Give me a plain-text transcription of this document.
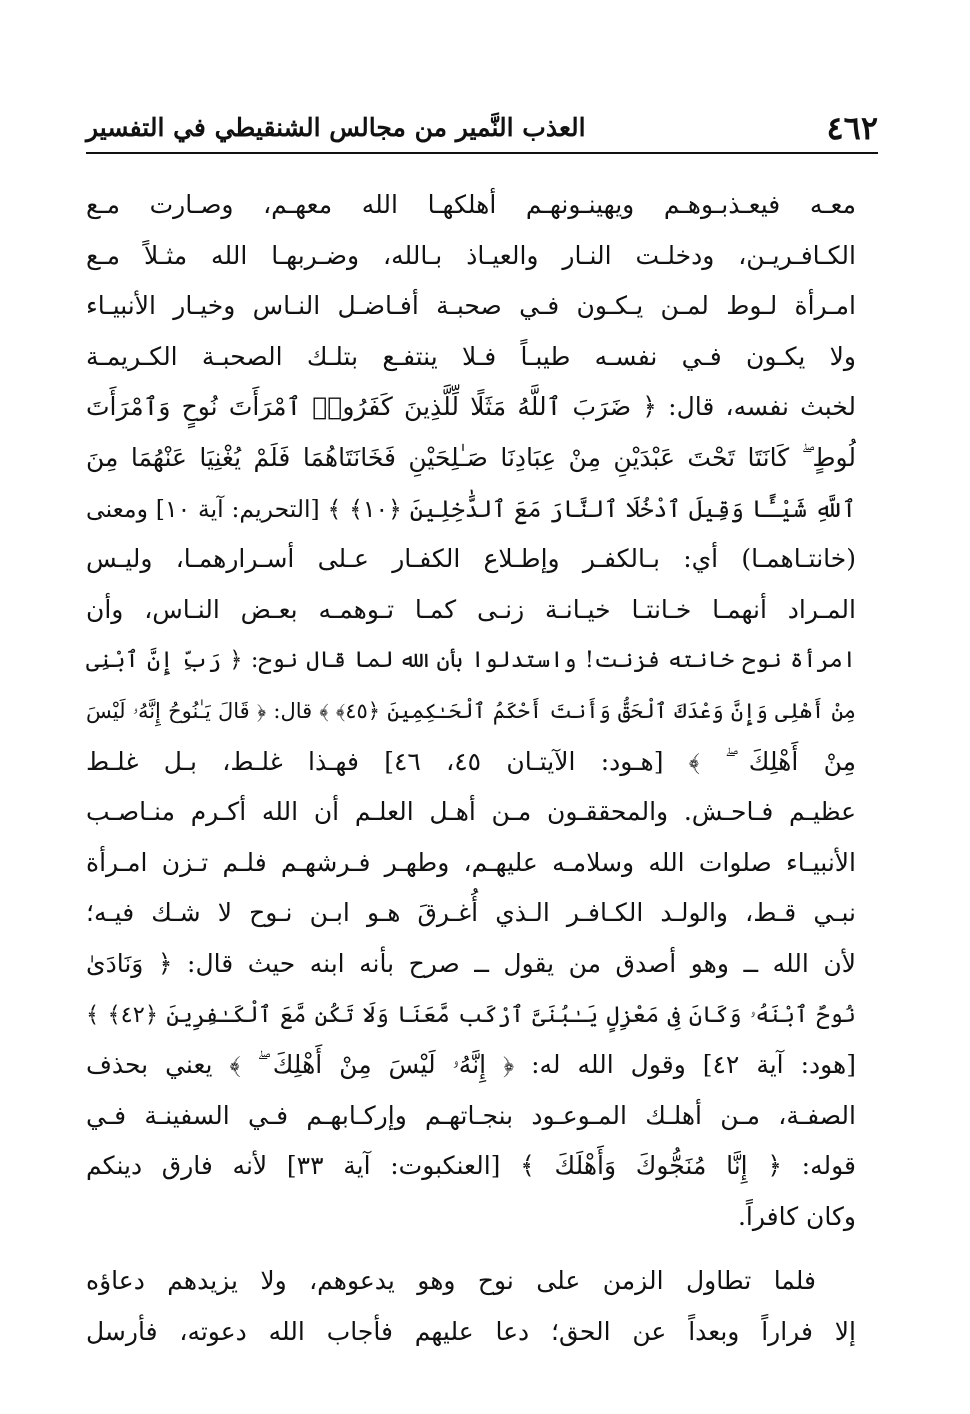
٤٦٢
العذب النَّمير من مجالس الشنقيطي في التفسير
معـه فيعـذبـوهـم ويهينـونهـم أهلكهـا الله معهـم، وصـارت مـع
الكـافـريـن، ودخلـت النـار والعيـاذ بـالله، وضـربهـا الله مثـلاً مـع
امـرأة لـوط لمـن يـكـون فـي صحبـة أفـاضـل النـاس وخيـار الأنبيـاء
ولا يكـون فـي نفسـه طيبـاً فـلا ينتفـع بتلـك الصحبـة الكـريمـة
لخبث نفسه، قال: ﴿ ضَرَبَ ٱللَّهُ مَثَلًا لِّلَّذِينَ كَفَرُوا۟ ٱمْرَأَتَ نُوحٍ وَٱمْرَأَتَ
لُوطٍ ۖ كَانَتَا تَحْتَ عَبْدَيْنِ مِنْ عِبَادِنَا صَـٰلِحَيْنِ فَخَانَتَاهُمَا فَلَمْ يُغْنِيَا عَنْهُمَا مِنَ
ٱللَّهِ شَيْـًٔا وَقِيلَ ٱدْخُلَا ٱلنَّارَ مَعَ ٱلدَّٰخِلِينَ ﴿١٠﴾ ﴾ [التحريم: آية ١٠] ومعنى
(خانتـاهمـا) أي: بـالكفـر وإطـلاع الكفـار عـلى أسـرارهمـا، وليـس
المـراد أنهمـا خـانتـا خيـانـة زنـى كمـا تـوهمـه بعـض النـاس، وأن
امرأة نوح خانته فزنت! واستدلوا بأن الله لما قال نوح: ﴿ رَبِّ إِنَّ ٱبْنِى
مِنْ أَهْلِى وَإِنَّ وَعْدَكَ ٱلْحَقُّ وَأَنتَ أَحْكَمُ ٱلْحَـٰكِمِينَ ﴿٤٥﴾ ﴾ قال: ﴿ قَالَ يَـٰنُوحُ إِنَّهُۥ لَيْسَ
مِنْ أَهْلِكَ ۖ ﴾ [هـود: الآيتـان ٤٥، ٤٦] فهـذا غلـط، بـل غلـط
عظيـم فـاحـش. والمحققـون مـن أهـل العلـم أن الله أكـرم منـاصـب
الأنبيـاء صلوات الله وسلامـه عليهـم، وطهـر فـرشهـم فلـم تـزن امـرأة
نبـي قـط، والولـد الكـافـر الـذي أُغـرقَ هـو ابـن نـوح لا شـك فيـه؛
لأن الله ــ وهو أصدق من يقول ــ صرح بأنه ابنه حيث قال: ﴿ وَنَادَىٰ
نُوحٌ ٱبْنَهُۥ وَكَانَ فِى مَعْزِلٍ يَـٰبُنَىَّ ٱرْكَب مَّعَنَا وَلَا تَكُن مَّعَ ٱلْكَـٰفِرِينَ ﴿٤٢﴾ ﴾
[هود: آية ٤٢] وقول الله له: ﴿ إِنَّهُۥ لَيْسَ مِنْ أَهْلِكَ ۖ ﴾ يعني بحذف
الصفـة، مـن أهلـك المـوعـود بنجـاتهـم وإركـابهـم فـي السفينـة فـي
قوله: ﴿ إِنَّا مُنَجُّوكَ وَأَهْلَكَ ﴾ [العنكبوت: آية ٣٣] لأنه فارق دينكم
وكان كافراً.
فلما تطاول الزمن على نوح وهو يدعوهم، ولا يزيدهم دعاؤه
إلا فراراً وبعداً عن الحق؛ دعا عليهم فأجاب الله دعوته، فأرسل
